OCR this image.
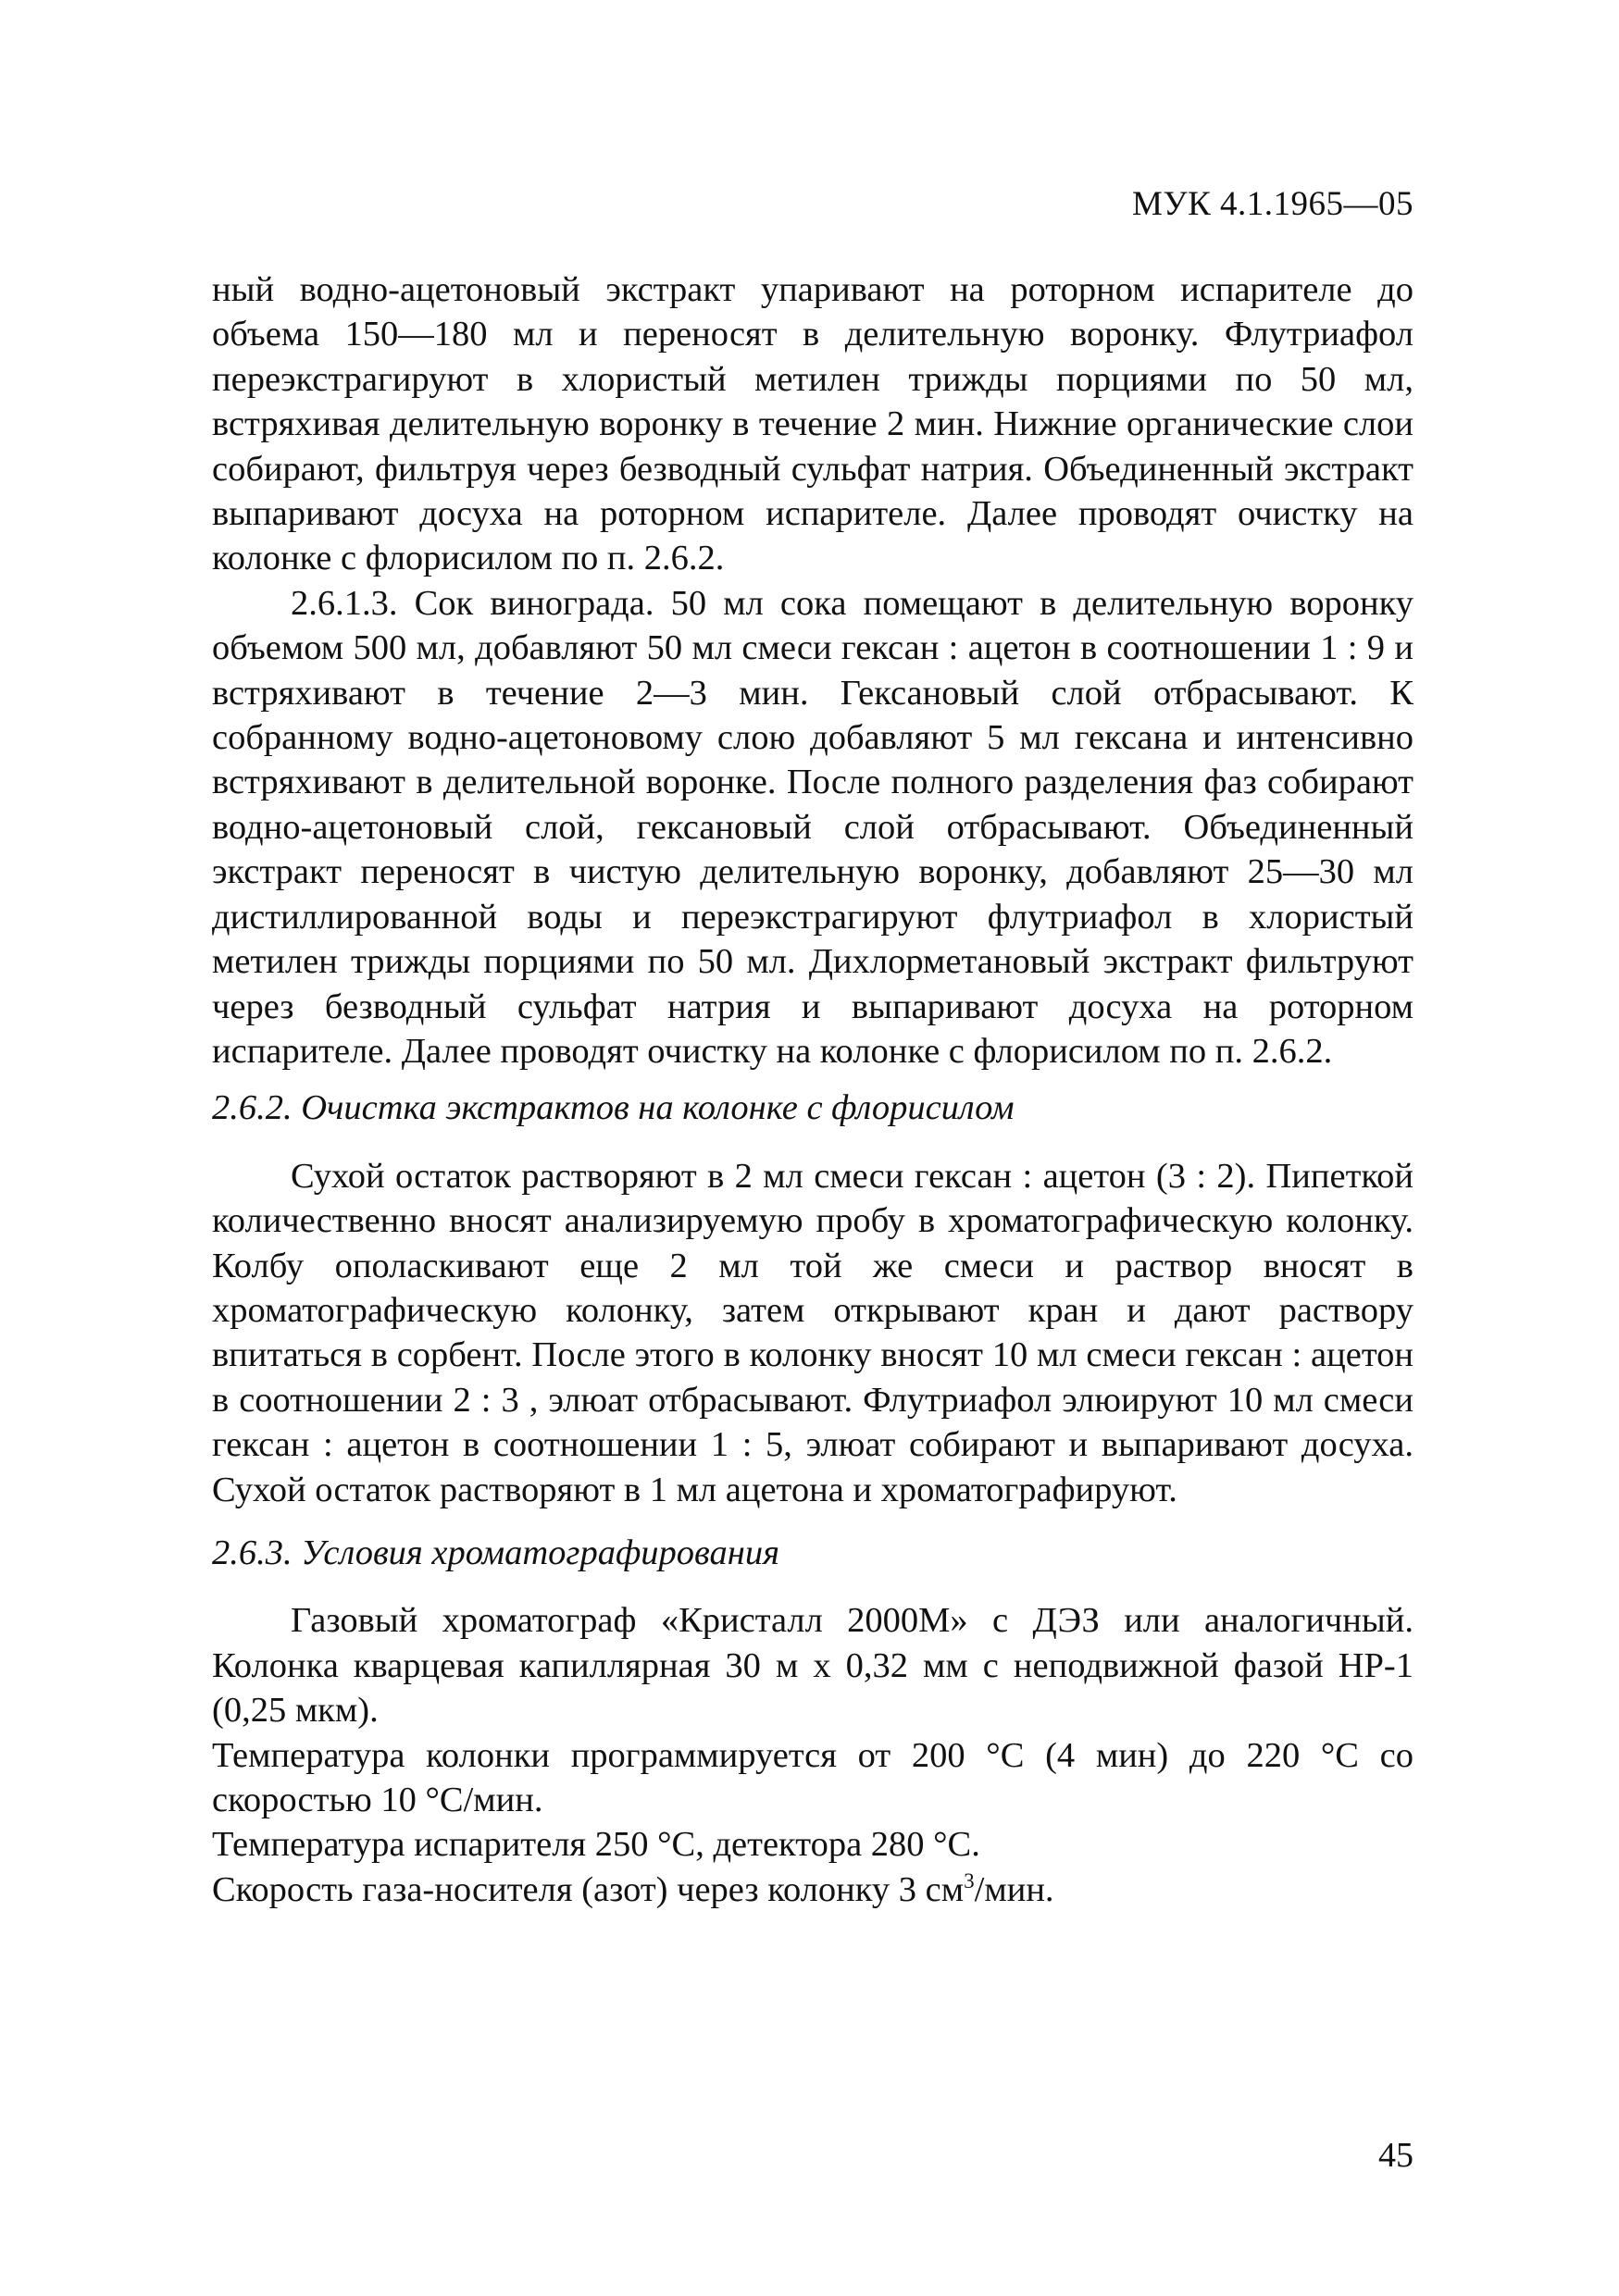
МУК 4.1.1965—05

ный водно-ацетоновый экстракт упаривают на роторном испарителе до объема 150—180 мл и переносят в делительную воронку. Флутриафол переэкстрагируют в хлористый метилен трижды порциями по 50 мл, встряхивая делительную воронку в течение 2 мин. Нижние органические слои собирают, фильтруя через безводный сульфат натрия. Объединенный экстракт выпаривают досуха на роторном испарителе. Далее проводят очистку на колонке с флорисилом по п. 2.6.2.

2.6.1.3. Сок винограда. 50 мл сока помещают в делительную воронку объемом 500 мл, добавляют 50 мл смеси гексан : ацетон в соотношении 1 : 9 и встряхивают в течение 2—3 мин. Гексановый слой отбрасывают. К собранному водно-ацетоновому слою добавляют 5 мл гексана и интенсивно встряхивают в делительной воронке. После полного разделения фаз собирают водно-ацетоновый слой, гексановый слой отбрасывают. Объединенный экстракт переносят в чистую делительную воронку, добавляют 25—30 мл дистиллированной воды и переэкстрагируют флутриафол в хлористый метилен трижды порциями по 50 мл. Дихлорметановый экстракт фильтруют через безводный сульфат натрия и выпаривают досуха на роторном испарителе. Далее проводят очистку на колонке с флорисилом по п. 2.6.2.

2.6.2. Очистка экстрактов на колонке с флорисилом

Сухой остаток растворяют в 2 мл смеси гексан : ацетон (3 : 2). Пипеткой количественно вносят анализируемую пробу в хроматографическую колонку. Колбу ополаскивают еще 2 мл той же смеси и раствор вносят в хроматографическую колонку, затем открывают кран и дают раствору впитаться в сорбент. После этого в колонку вносят 10 мл смеси гексан : ацетон в соотношении 2 : 3 , элюат отбрасывают. Флутриафол элюируют 10 мл смеси гексан : ацетон в соотношении 1 : 5, элюат собирают и выпаривают досуха. Сухой остаток растворяют в 1 мл ацетона и хроматографируют.

2.6.3. Условия хроматографирования

Газовый хроматограф «Кристалл 2000М» с ДЭЗ или аналогичный. Колонка кварцевая капиллярная 30 м х 0,32 мм с неподвижной фазой НР-1 (0,25 мкм).

Температура колонки программируется от 200 °С (4 мин) до 220 °С со скоростью 10 °С/мин.

Температура испарителя 250 °С, детектора 280 °С.

Скорость газа-носителя (азот) через колонку 3 $см^3$/мин.

45
